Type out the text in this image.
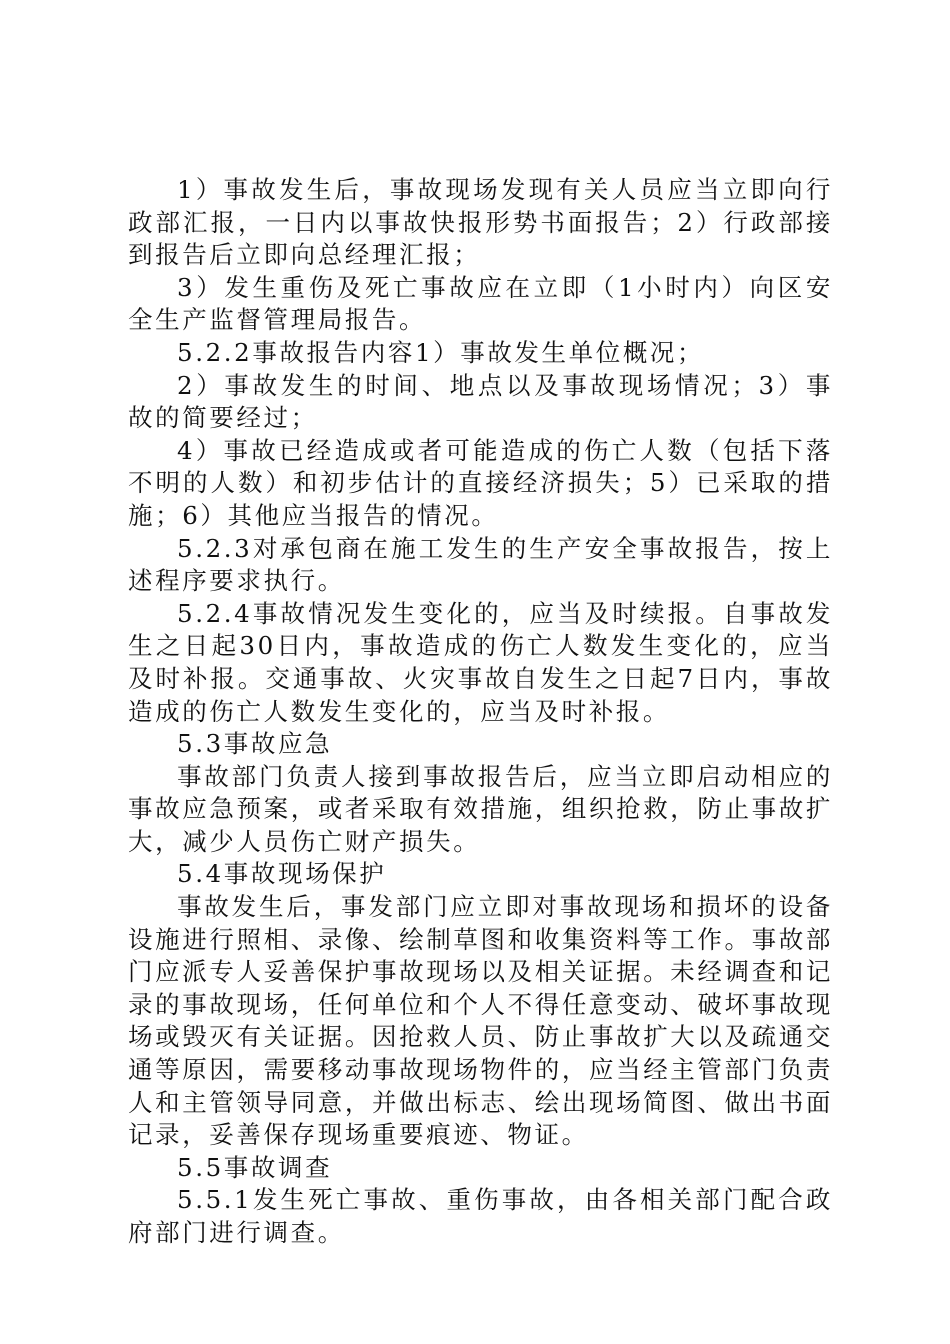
1）事故发生后，事故现场发现有关人员应当立即向行政部汇报，一日内以事故快报形势书面报告；2）行政部接到报告后立即向总经理汇报；

3）发生重伤及死亡事故应在立即（1小时内）向区安全生产监督管理局报告。

5.2.2事故报告内容1）事故发生单位概况；

2）事故发生的时间、地点以及事故现场情况；3）事故的简要经过；

4）事故已经造成或者可能造成的伤亡人数（包括下落不明的人数）和初步估计的直接经济损失；5）已采取的措施；6）其他应当报告的情况。

5.2.3对承包商在施工发生的生产安全事故报告，按上述程序要求执行。

5.2.4事故情况发生变化的，应当及时续报。自事故发生之日起30日内，事故造成的伤亡人数发生变化的，应当及时补报。交通事故、火灾事故自发生之日起7日内，事故造成的伤亡人数发生变化的，应当及时补报。

5.3事故应急

事故部门负责人接到事故报告后，应当立即启动相应的事故应急预案，或者采取有效措施，组织抢救，防止事故扩大，减少人员伤亡财产损失。

5.4事故现场保护

事故发生后，事发部门应立即对事故现场和损坏的设备设施进行照相、录像、绘制草图和收集资料等工作。事故部门应派专人妥善保护事故现场以及相关证据。未经调查和记录的事故现场，任何单位和个人不得任意变动、破坏事故现场或毁灭有关证据。因抢救人员、防止事故扩大以及疏通交通等原因，需要移动事故现场物件的，应当经主管部门负责人和主管领导同意，并做出标志、绘出现场简图、做出书面记录，妥善保存现场重要痕迹、物证。

5.5事故调查

5.5.1发生死亡事故、重伤事故，由各相关部门配合政府部门进行调查。
